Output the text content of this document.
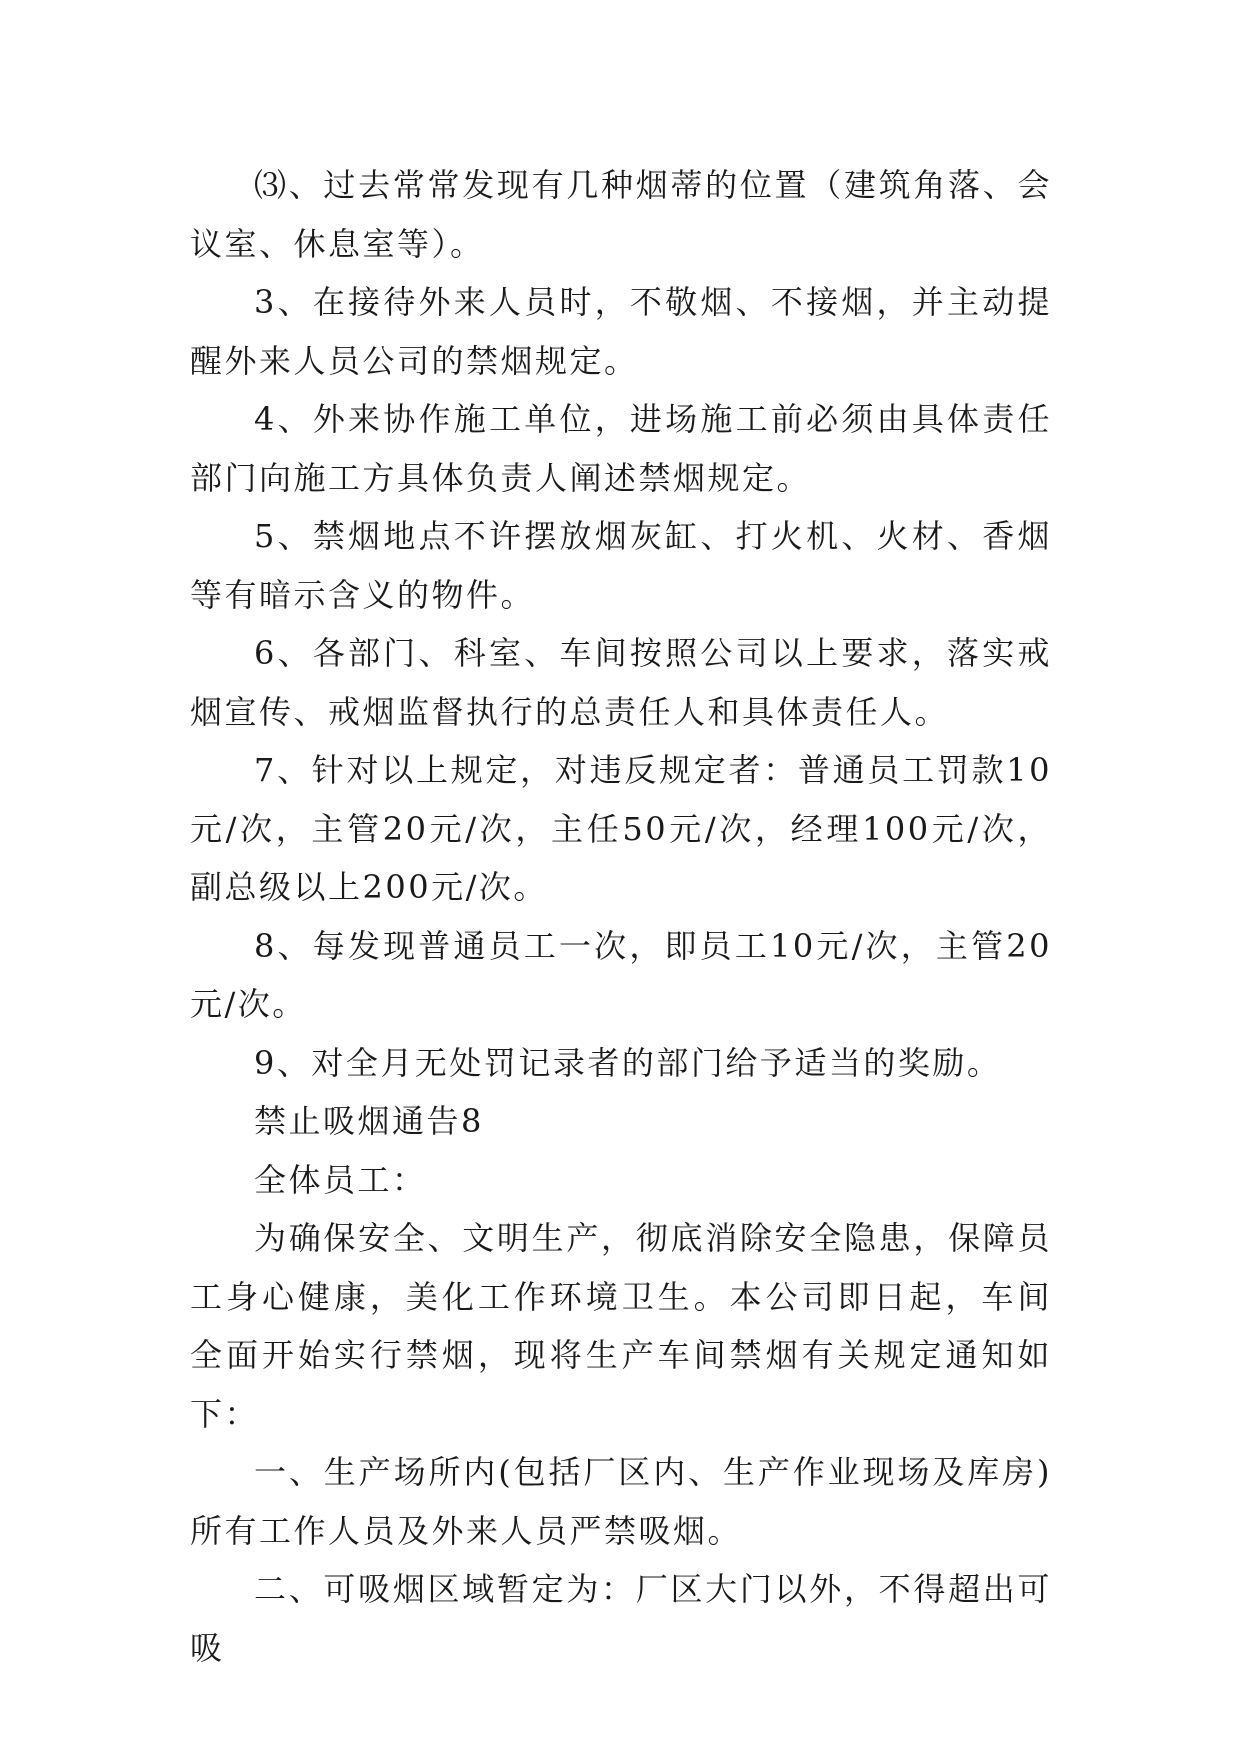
⑶、过去常常发现有几种烟蒂的位置（建筑角落、会议室、休息室等）。

3、在接待外来人员时，不敬烟、不接烟，并主动提醒外来人员公司的禁烟规定。

4、外来协作施工单位，进场施工前必须由具体责任部门向施工方具体负责人阐述禁烟规定。

5、禁烟地点不许摆放烟灰缸、打火机、火材、香烟等有暗示含义的物件。

6、各部门、科室、车间按照公司以上要求，落实戒烟宣传、戒烟监督执行的总责任人和具体责任人。

7、针对以上规定，对违反规定者：普通员工罚款10元/次，主管20元/次，主任50元/次，经理100元/次，副总级以上200元/次。

8、每发现普通员工一次，即员工10元/次，主管20元/次。

9、对全月无处罚记录者的部门给予适当的奖励。

禁止吸烟通告8

全体员工：

为确保安全、文明生产，彻底消除安全隐患，保障员工身心健康，美化工作环境卫生。本公司即日起，车间全面开始实行禁烟，现将生产车间禁烟有关规定通知如下：

一、生产场所内(包括厂区内、生产作业现场及库房)所有工作人员及外来人员严禁吸烟。

二、可吸烟区域暂定为：厂区大门以外，不得超出可吸
